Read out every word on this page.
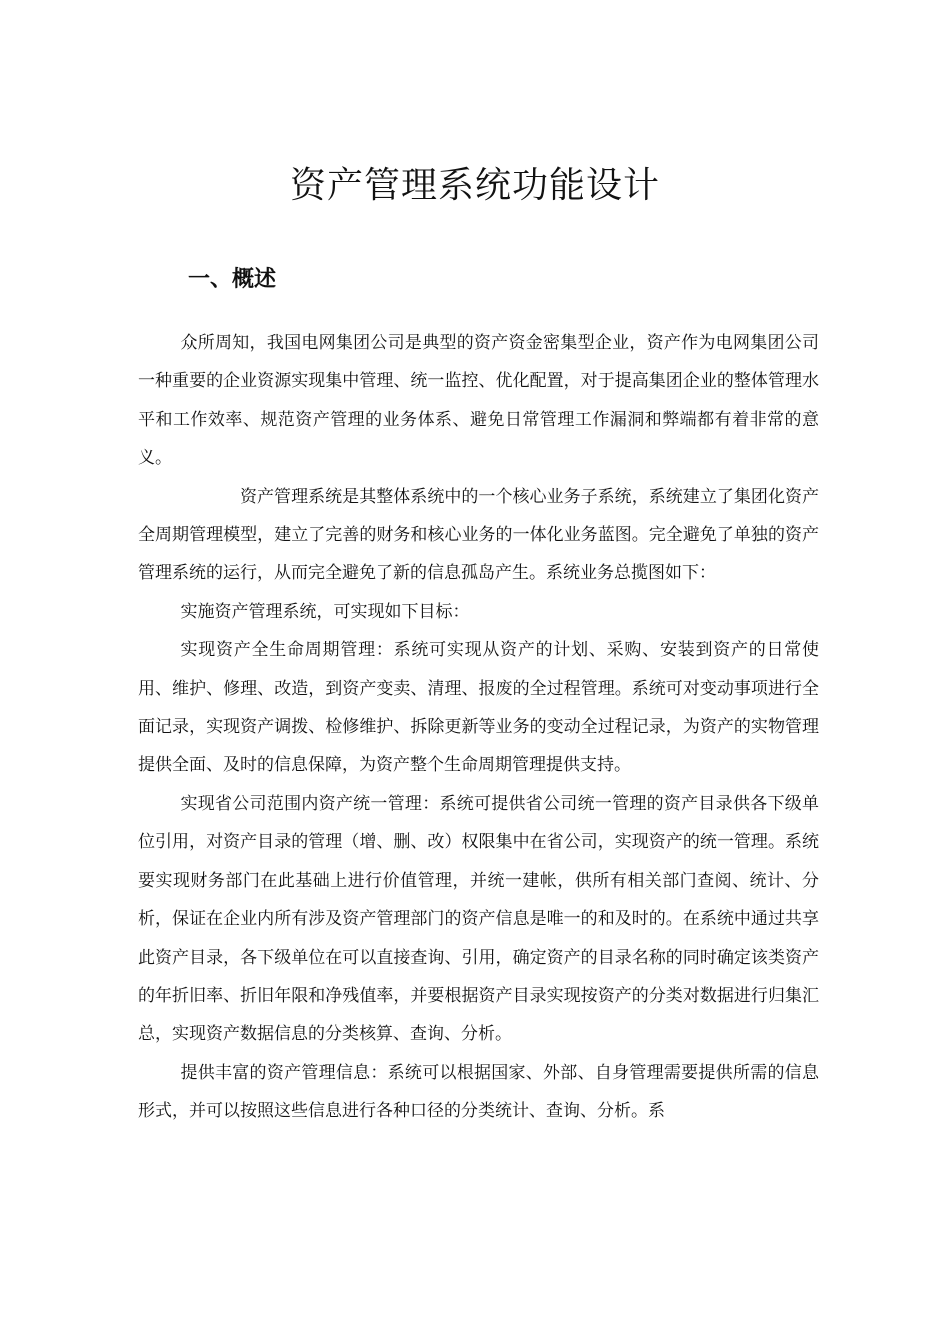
资产管理系统功能设计
一、概述

众所周知，我国电网集团公司是典型的资产资金密集型企业，资产作为电网集团公司一种重要的企业资源实现集中管理、统一监控、优化配置，对于提高集团企业的整体管理水平和工作效率、规范资产管理的业务体系、避免日常管理工作漏洞和弊端都有着非常的意义。

资产管理系统是其整体系统中的一个核心业务子系统，系统建立了集团化资产全周期管理模型，建立了完善的财务和核心业务的一体化业务蓝图。完全避免了单独的资产管理系统的运行，从而完全避免了新的信息孤岛产生。系统业务总揽图如下：

实施资产管理系统，可实现如下目标：

实现资产全生命周期管理：系统可实现从资产的计划、采购、安装到资产的日常使用、维护、修理、改造，到资产变卖、清理、报废的全过程管理。系统可对变动事项进行全面记录，实现资产调拨、检修维护、拆除更新等业务的变动全过程记录，为资产的实物管理提供全面、及时的信息保障，为资产整个生命周期管理提供支持。

实现省公司范围内资产统一管理：系统可提供省公司统一管理的资产目录供各下级单位引用，对资产目录的管理（增、删、改）权限集中在省公司，实现资产的统一管理。系统要实现财务部门在此基础上进行价值管理，并统一建帐，供所有相关部门查阅、统计、分析，保证在企业内所有涉及资产管理部门的资产信息是唯一的和及时的。在系统中通过共享此资产目录，各下级单位在可以直接查询、引用，确定资产的目录名称的同时确定该类资产的年折旧率、折旧年限和净残值率，并要根据资产目录实现按资产的分类对数据进行归集汇总，实现资产数据信息的分类核算、查询、分析。

提供丰富的资产管理信息：系统可以根据国家、外部、自身管理需要提供所需的信息形式，并可以按照这些信息进行各种口径的分类统计、查询、分析。系
